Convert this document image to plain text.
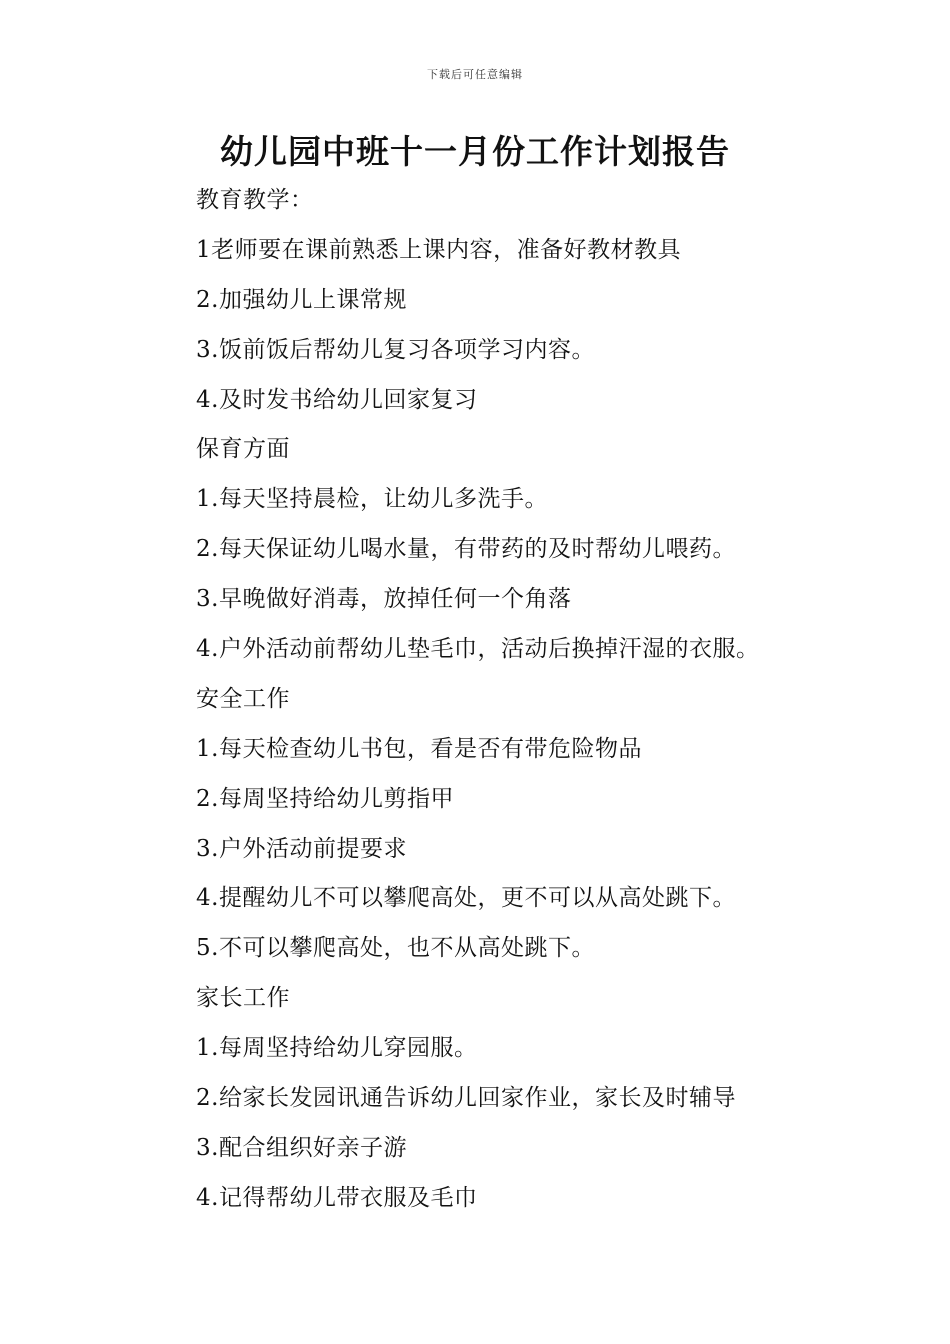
下载后可任意编辑
幼儿园中班十一月份工作计划报告
教育教学：
1老师要在课前熟悉上课内容，准备好教材教具
2.加强幼儿上课常规
3.饭前饭后帮幼儿复习各项学习内容。
4.及时发书给幼儿回家复习
保育方面
1.每天坚持晨检，让幼儿多洗手。
2.每天保证幼儿喝水量，有带药的及时帮幼儿喂药。
3.早晚做好消毒，放掉任何一个角落
4.户外活动前帮幼儿垫毛巾，活动后换掉汗湿的衣服。
安全工作
1.每天检查幼儿书包，看是否有带危险物品
2.每周坚持给幼儿剪指甲
3.户外活动前提要求
4.提醒幼儿不可以攀爬高处，更不可以从高处跳下。
5.不可以攀爬高处，也不从高处跳下。
家长工作
1.每周坚持给幼儿穿园服。
2.给家长发园讯通告诉幼儿回家作业，家长及时辅导
3.配合组织好亲子游
4.记得帮幼儿带衣服及毛巾
